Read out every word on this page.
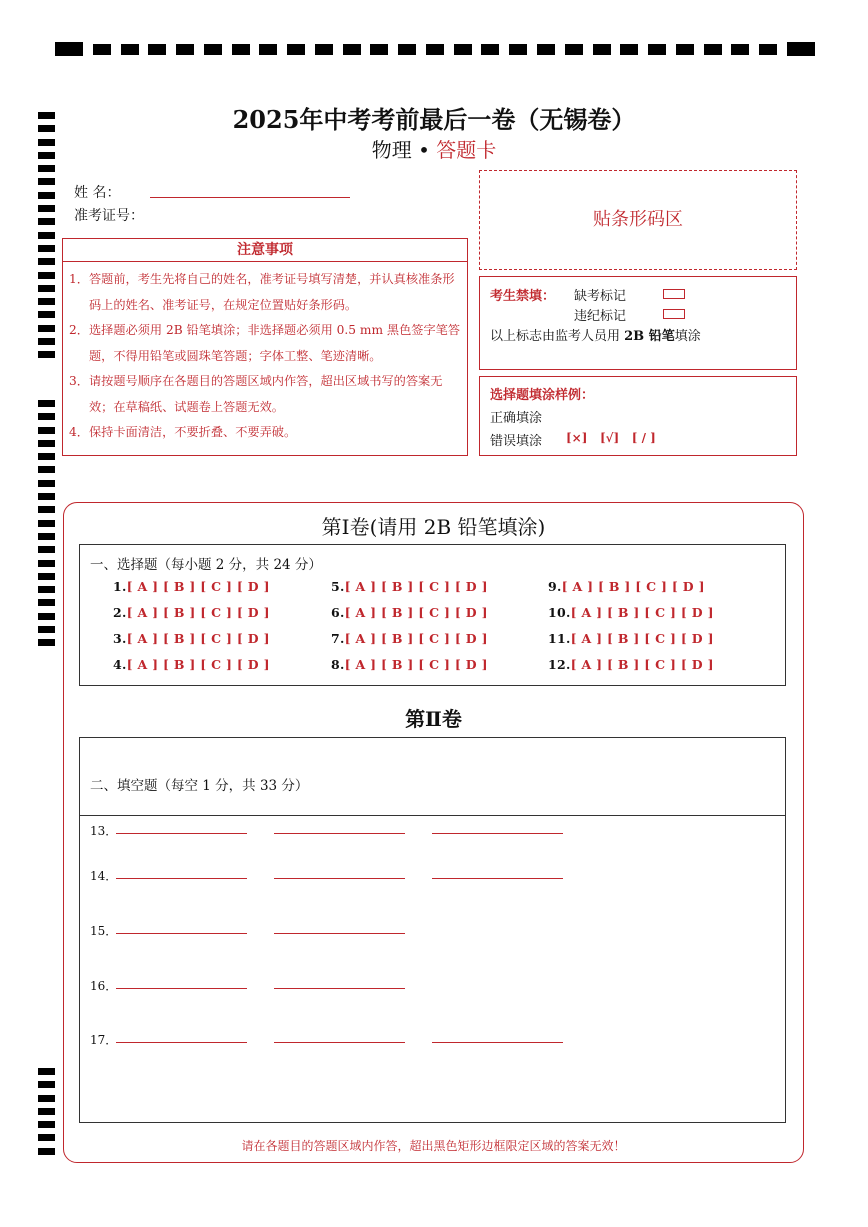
2025年中考考前最后一卷（无锡卷）
物理 • 答题卡
姓 名：
准考证号：	贴条形码区
注意事项

1．答题前，考生先将自己的姓名，准考证号填写清楚，并认真核准条形码上的姓名、准考证号，在规定位置贴好条形码。

2．选择题必须用 2B 铅笔填涂；非选择题必须用 0.5 mm 黑色签字笔答题，不得用铅笔或圆珠笔答题；字体工整、笔迹清晰。

3．请按题号顺序在各题目的答题区域内作答，超出区域书写的答案无效；在草稿纸、试题卷上答题无效。

4．保持卡面清洁，不要折叠、不要弄破。

考生禁填： 缺考标记
违纪标记
以上标志由监考人员用 2B 铅笔填涂
选择题填涂样例：
正确填涂
错误填涂 [×]   [√]   [ / ]
第Ⅰ卷(请用 2B 铅笔填涂)
一、选择题（每小题 2 分，共 24 分）
1.[ A ] [ B ] [ C ] [ D ]
2.[ A ] [ B ] [ C ] [ D ]
3.[ A ] [ B ] [ C ] [ D ]
4.[ A ] [ B ] [ C ] [ D ]
5.[ A ] [ B ] [ C ] [ D ]
6.[ A ] [ B ] [ C ] [ D ]
7.[ A ] [ B ] [ C ] [ D ]
8.[ A ] [ B ] [ C ] [ D ]
9.[ A ] [ B ] [ C ] [ D ]
10.[ A ] [ B ] [ C ] [ D ]
11.[ A ] [ B ] [ C ] [ D ]
12.[ A ] [ B ] [ C ] [ D ]
第Ⅱ卷
二、填空题（每空 1 分，共 33 分）
13．
14．
15．
16．
17．
请在各题目的答题区域内作答，超出黑色矩形边框限定区域的答案无效！
